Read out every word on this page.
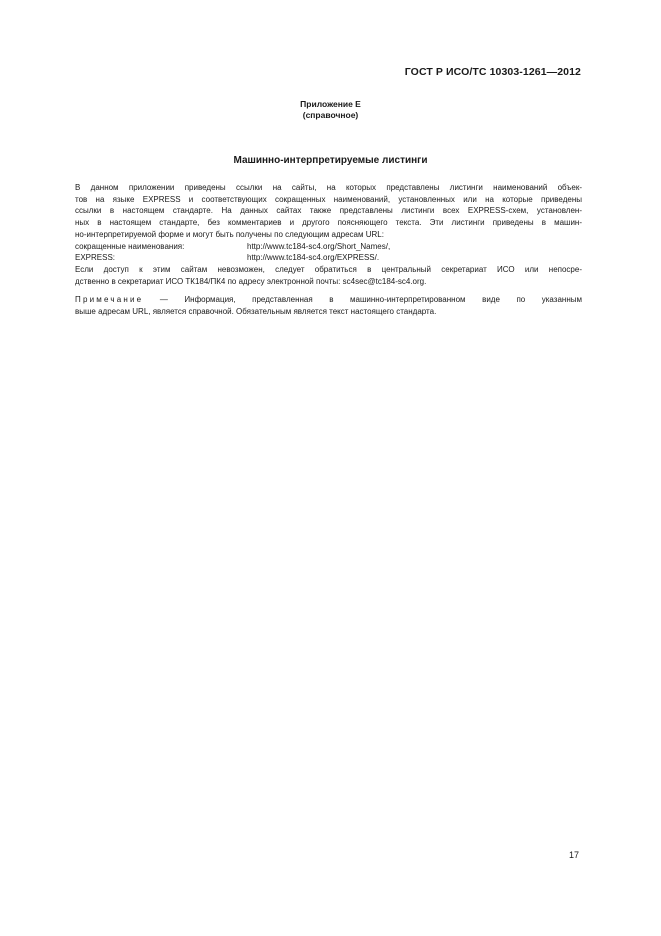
ГОСТ Р ИСО/ТС 10303-1261—2012
Приложение Е
(справочное)
Машинно-интерпретируемые листинги
В данном приложении приведены ссылки на сайты, на которых представлены листинги наименований объек-
тов на языке EXPRESS и соответствующих сокращенных наименований, установленных или на которые приведены
ссылки в настоящем стандарте. На данных сайтах также представлены листинги всех EXPRESS-схем, установлен-
ных в настоящем стандарте, без комментариев и другого поясняющего текста. Эти листинги приведены в машин-
но-интерпретируемой форме и могут быть получены по следующим адресам URL:
сокращенные наименования:	http://www.tc184-sc4.org/Short_Names/,
EXPRESS:	http://www.tc184-sc4.org/EXPRESS/.
Если доступ к этим сайтам невозможен, следует обратиться в центральный секретариат ИСО или непосре-
дственно в секретариат ИСО ТК184/ПК4 по адресу электронной почты: sc4sec@tc184-sc4.org.
Примечание — Информация, представленная в машинно-интерпретированном виде по указанным
выше адресам URL, является справочной. Обязательным является текст настоящего стандарта.
17
